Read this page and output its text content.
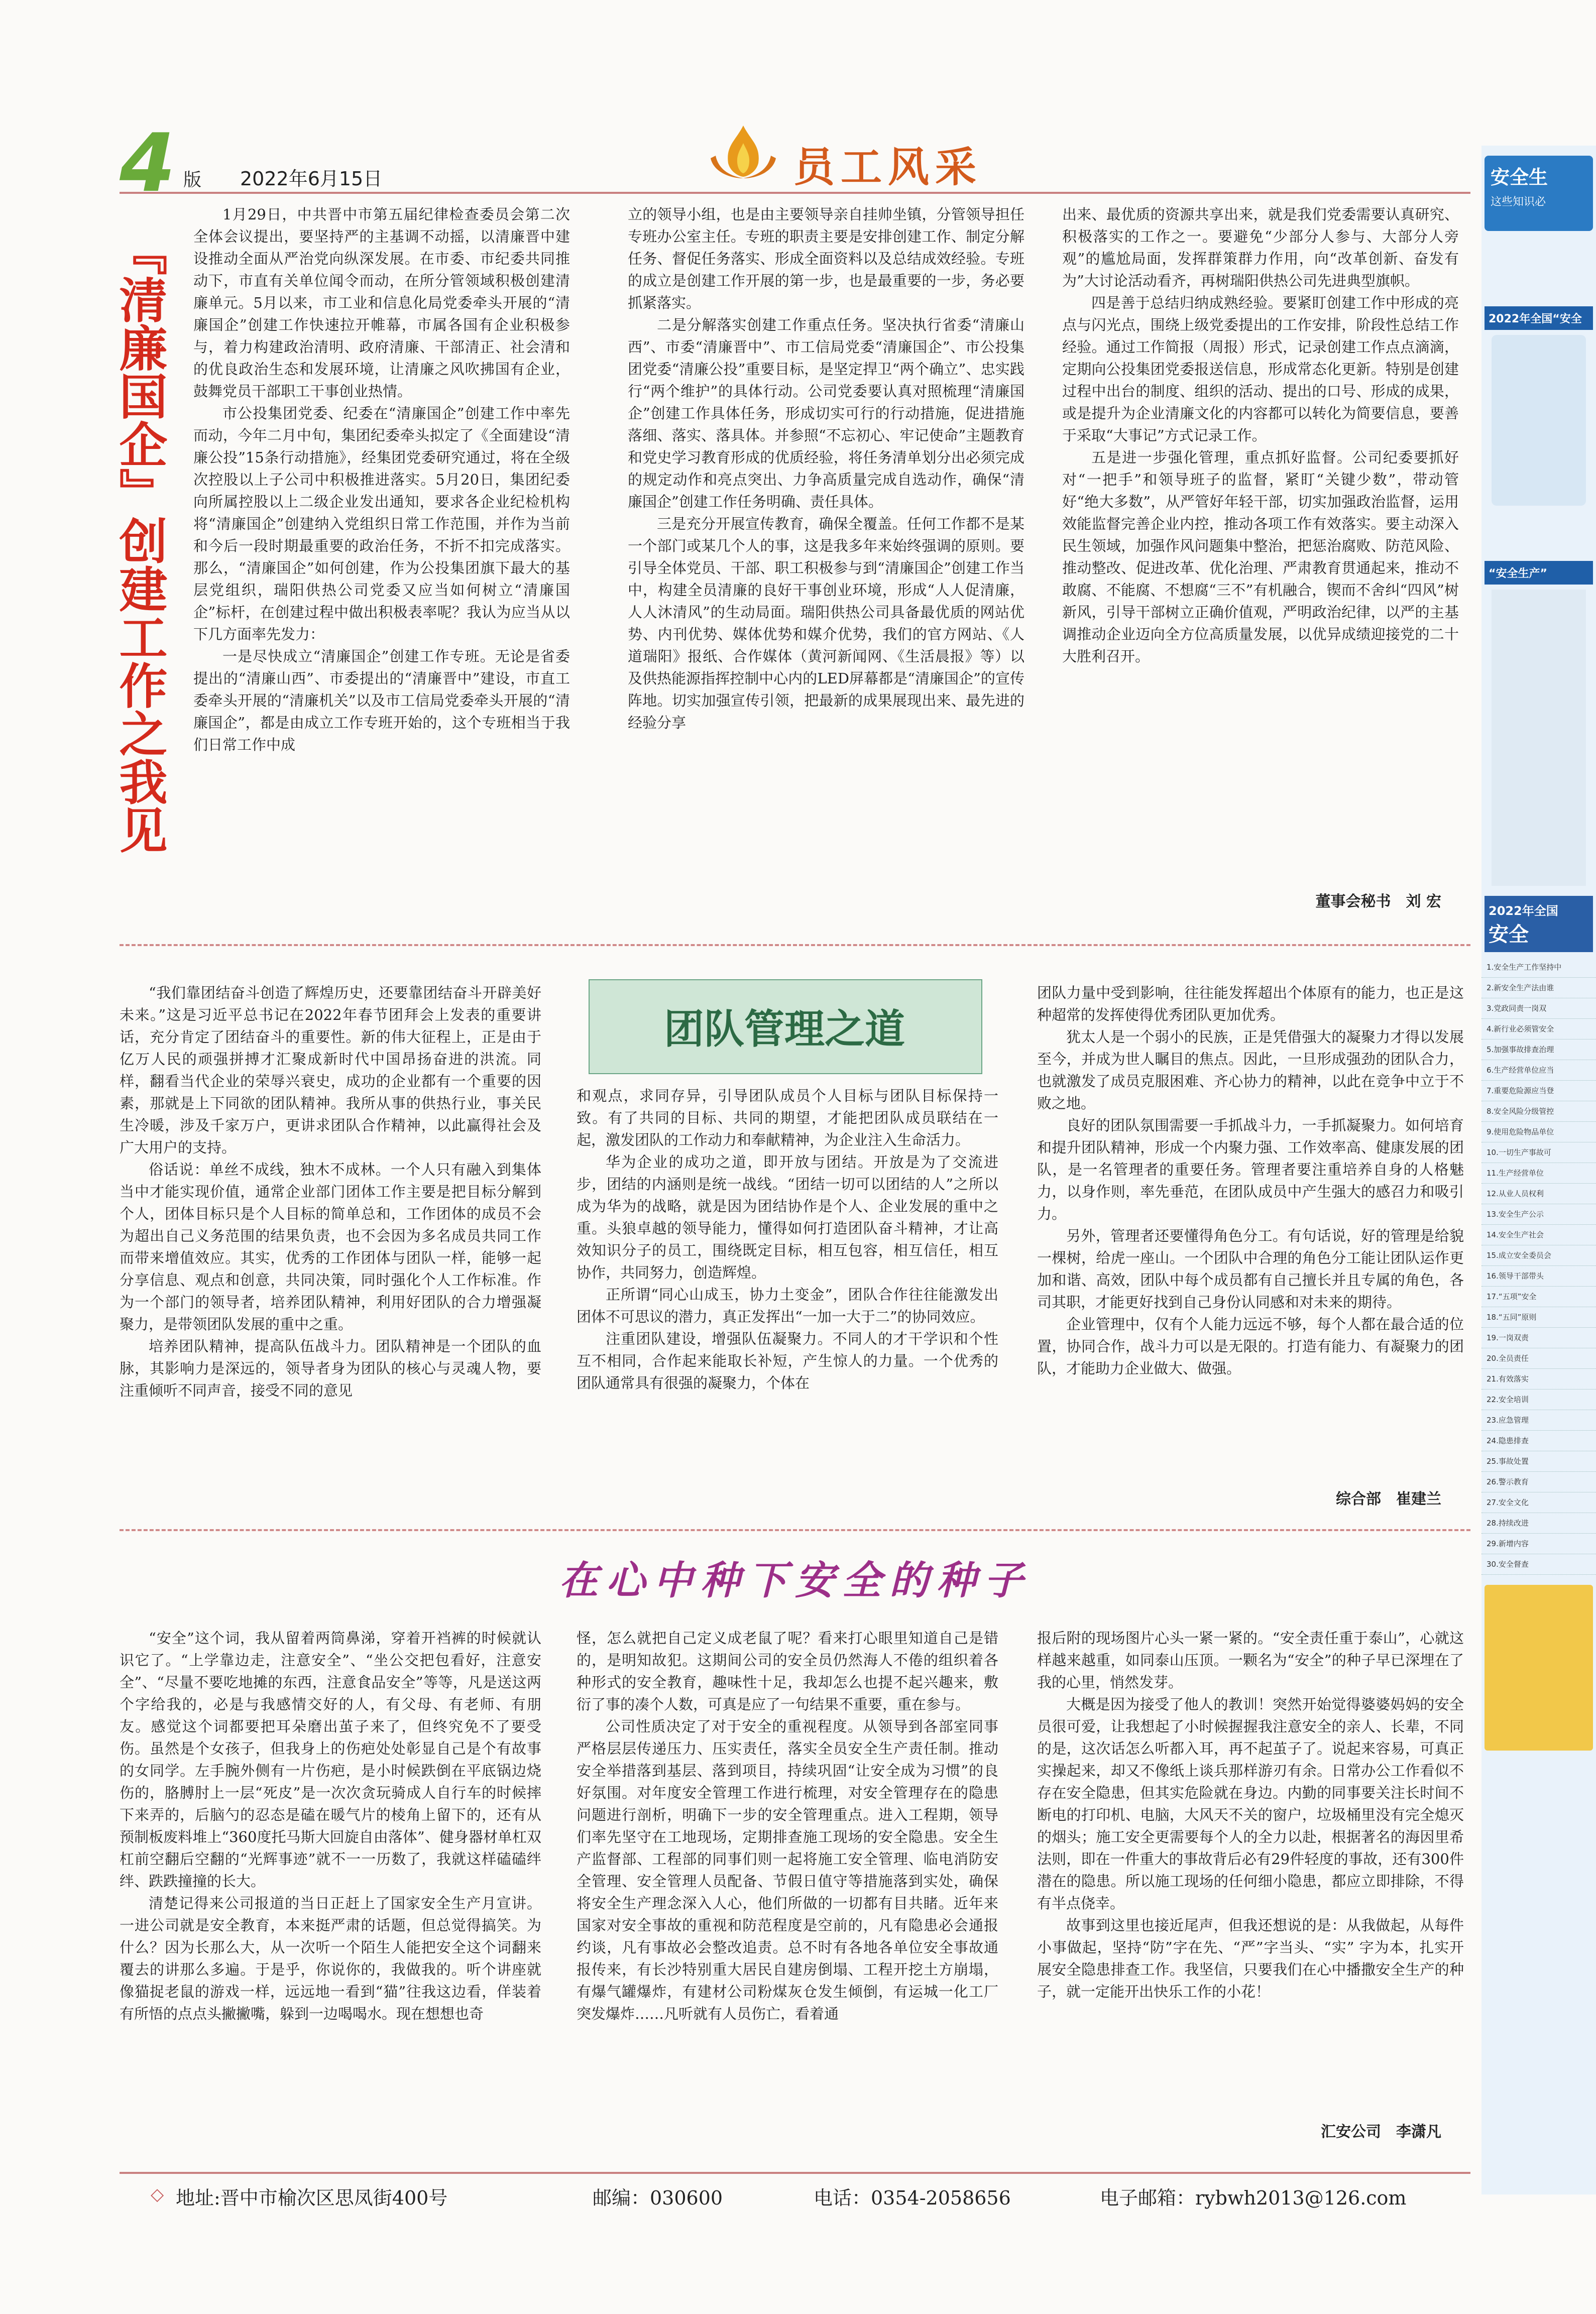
4 版 2022年6月15日	员工风采
『清廉国企』创建工作之我见

1月29日，中共晋中市第五届纪律检查委员会第二次全体会议提出，要坚持严的主基调不动摇，以清廉晋中建设推动全面从严治党向纵深发展。在市委、市纪委共同推动下，市直有关单位闻令而动，在所分管领域积极创建清廉单元。5月以来，市工业和信息化局党委牵头开展的“清廉国企”创建工作快速拉开帷幕，市属各国有企业积极参与，着力构建政治清明、政府清廉、干部清正、社会清和的优良政治生态和发展环境，让清廉之风吹拂国有企业，鼓舞党员干部职工干事创业热情。

市公投集团党委、纪委在“清廉国企”创建工作中率先而动，今年二月中旬，集团纪委牵头拟定了《全面建设“清廉公投”15条行动措施》，经集团党委研究通过，将在全级次控股以上子公司中积极推进落实。5月20日，集团纪委向所属控股以上二级企业发出通知，要求各企业纪检机构将“清廉国企”创建纳入党组织日常工作范围，并作为当前和今后一段时期最重要的政治任务，不折不扣完成落实。那么，“清廉国企”如何创建，作为公投集团旗下最大的基层党组织，瑞阳供热公司党委又应当如何树立“清廉国企”标杆，在创建过程中做出积极表率呢？我认为应当从以下几方面率先发力：

一是尽快成立“清廉国企”创建工作专班。无论是省委提出的“清廉山西”、市委提出的“清廉晋中”建设，市直工委牵头开展的“清廉机关”以及市工信局党委牵头开展的“清廉国企”，都是由成立工作专班开始的，这个专班相当于我们日常工作中成

立的领导小组，也是由主要领导亲自挂帅坐镇，分管领导担任专班办公室主任。专班的职责主要是安排创建工作、制定分解任务、督促任务落实、形成全面资料以及总结成效经验。专班的成立是创建工作开展的第一步，也是最重要的一步，务必要抓紧落实。

二是分解落实创建工作重点任务。坚决执行省委“清廉山西”、市委“清廉晋中”、市工信局党委“清廉国企”、市公投集团党委“清廉公投”重要目标，是坚定捍卫“两个确立”、忠实践行“两个维护”的具体行动。公司党委要认真对照梳理“清廉国企”创建工作具体任务，形成切实可行的行动措施，促进措施落细、落实、落具体。并参照“不忘初心、牢记使命”主题教育和党史学习教育形成的优质经验，将任务清单划分出必须完成的规定动作和亮点突出、力争高质量完成自选动作，确保“清廉国企”创建工作任务明确、责任具体。

三是充分开展宣传教育，确保全覆盖。任何工作都不是某一个部门或某几个人的事，这是我多年来始终强调的原则。要引导全体党员、干部、职工积极参与到“清廉国企”创建工作当中，构建全员清廉的良好干事创业环境，形成“人人促清廉，人人沐清风”的生动局面。瑞阳供热公司具备最优质的网站优势、内刊优势、媒体优势和媒介优势，我们的官方网站、《人道瑞阳》报纸、合作媒体（黄河新闻网、《生活晨报》等）以及供热能源指挥控制中心内的LED屏幕都是“清廉国企”的宣传阵地。切实加强宣传引领，把最新的成果展现出来、最先进的经验分享

出来、最优质的资源共享出来，就是我们党委需要认真研究、积极落实的工作之一。要避免“少部分人参与、大部分人旁观”的尴尬局面，发挥群策群力作用，向“改革创新、奋发有为”大讨论活动看齐，再树瑞阳供热公司先进典型旗帜。

四是善于总结归纳成熟经验。要紧盯创建工作中形成的亮点与闪光点，围绕上级党委提出的工作安排，阶段性总结工作经验。通过工作简报（周报）形式，记录创建工作点点滴滴，定期向公投集团党委报送信息，形成常态化更新。特别是创建过程中出台的制度、组织的活动、提出的口号、形成的成果，或是提升为企业清廉文化的内容都可以转化为简要信息，要善于采取“大事记”方式记录工作。

五是进一步强化管理，重点抓好监督。公司纪委要抓好对“一把手”和领导班子的监督，紧盯“关键少数”，带动管好“绝大多数”，从严管好年轻干部，切实加强政治监督，运用效能监督完善企业内控，推动各项工作有效落实。要主动深入民生领域，加强作风问题集中整治，把惩治腐败、防范风险、推动整改、促进改革、优化治理、严肃教育贯通起来，推动不敢腐、不能腐、不想腐“三不”有机融合，锲而不舍纠“四风”树新风，引导干部树立正确价值观，严明政治纪律，以严的主基调推动企业迈向全方位高质量发展，以优异成绩迎接党的二十大胜利召开。

董事会秘书　刘 宏
团队管理之道

“我们靠团结奋斗创造了辉煌历史，还要靠团结奋斗开辟美好未来。”这是习近平总书记在2022年春节团拜会上发表的重要讲话，充分肯定了团结奋斗的重要性。新的伟大征程上，正是由于亿万人民的顽强拼搏才汇聚成新时代中国昂扬奋进的洪流。同样，翻看当代企业的荣辱兴衰史，成功的企业都有一个重要的因素，那就是上下同欲的团队精神。我所从事的供热行业，事关民生冷暖，涉及千家万户，更讲求团队合作精神，以此赢得社会及广大用户的支持。

俗话说：单丝不成线，独木不成林。一个人只有融入到集体当中才能实现价值，通常企业部门团体工作主要是把目标分解到个人，团体目标只是个人目标的简单总和，工作团体的成员不会为超出自己义务范围的结果负责，也不会因为多名成员共同工作而带来增值效应。其实，优秀的工作团体与团队一样，能够一起分享信息、观点和创意，共同决策，同时强化个人工作标准。作为一个部门的领导者，培养团队精神，利用好团队的合力增强凝聚力，是带领团队发展的重中之重。

培养团队精神，提高队伍战斗力。团队精神是一个团队的血脉，其影响力是深远的，领导者身为团队的核心与灵魂人物，要注重倾听不同声音，接受不同的意见

和观点，求同存异，引导团队成员个人目标与团队目标保持一致。有了共同的目标、共同的期望，才能把团队成员联结在一起，激发团队的工作动力和奉献精神，为企业注入生命活力。

华为企业的成功之道，即开放与团结。开放是为了交流进步，团结的内涵则是统一战线。“团结一切可以团结的人”之所以成为华为的战略，就是因为团结协作是个人、企业发展的重中之重。头狼卓越的领导能力，懂得如何打造团队奋斗精神，才让高效知识分子的员工，围绕既定目标，相互包容，相互信任，相互协作，共同努力，创造辉煌。

正所谓“同心山成玉，协力土变金”，团队合作往往能激发出团体不可思议的潜力，真正发挥出“一加一大于二”的协同效应。

注重团队建设，增强队伍凝聚力。不同人的才干学识和个性互不相同，合作起来能取长补短，产生惊人的力量。一个优秀的团队通常具有很强的凝聚力，个体在

团队力量中受到影响，往往能发挥超出个体原有的能力，也正是这种超常的发挥使得优秀团队更加优秀。

犹太人是一个弱小的民族，正是凭借强大的凝聚力才得以发展至今，并成为世人瞩目的焦点。因此，一旦形成强劲的团队合力，也就激发了成员克服困难、齐心协力的精神，以此在竞争中立于不败之地。

良好的团队氛围需要一手抓战斗力，一手抓凝聚力。如何培育和提升团队精神，形成一个内聚力强、工作效率高、健康发展的团队，是一名管理者的重要任务。管理者要注重培养自身的人格魅力，以身作则，率先垂范，在团队成员中产生强大的感召力和吸引力。

另外，管理者还要懂得角色分工。有句话说，好的管理是给貌一棵树，给虎一座山。一个团队中合理的角色分工能让团队运作更加和谐、高效，团队中每个成员都有自己擅长并且专属的角色，各司其职，才能更好找到自己身份认同感和对未来的期待。

企业管理中，仅有个人能力远远不够，每个人都在最合适的位置，协同合作，战斗力可以是无限的。打造有能力、有凝聚力的团队，才能助力企业做大、做强。

综合部　崔建兰
在心中种下安全的种子

“安全”这个词，我从留着两筒鼻涕，穿着开裆裤的时候就认识它了。“上学靠边走，注意安全”、“坐公交把包看好，注意安全”、“尽量不要吃地摊的东西，注意食品安全”等等，凡是送这两个字给我的，必是与我感情交好的人，有父母、有老师、有朋友。感觉这个词都要把耳朵磨出茧子来了，但终究免不了要受伤。虽然是个女孩子，但我身上的伤疤处处彰显自己是个有故事的女同学。左手腕外侧有一片伤疤，是小时候跌倒在平底锅边烧伤的，胳膊肘上一层“死皮”是一次次贪玩骑成人自行车的时候摔下来弄的，后脑勺的忍态是磕在暖气片的棱角上留下的，还有从预制板废料堆上“360度托马斯大回旋自由落体”、健身器材单杠双杠前空翻后空翻的“光辉事迹”就不一一历数了，我就这样磕磕绊绊、跌跌撞撞的长大。

清楚记得来公司报道的当日正赶上了国家安全生产月宣讲。一进公司就是安全教育，本来挺严肃的话题，但总觉得搞笑。为什么？因为长那么大，从一次听一个陌生人能把安全这个词翻来覆去的讲那么多遍。于是乎，你说你的，我做我的。听个讲座就像猫捉老鼠的游戏一样，远远地一看到“猫”往我这边看，佯装着有所悟的点点头撇撇嘴，躲到一边喝喝水。现在想想也奇

怪，怎么就把自己定义成老鼠了呢？看来打心眼里知道自己是错的，是明知故犯。这期间公司的安全员仍然海人不倦的组织着各种形式的安全教育，趣味性十足，我却怎么也提不起兴趣来，敷衍了事的凑个人数，可真是应了一句结果不重要，重在参与。

公司性质决定了对于安全的重视程度。从领导到各部室同事严格层层传递压力、压实责任，落实全员安全生产责任制。推动安全举措落到基层、落到项目，持续巩固“让安全成为习惯”的良好氛围。对年度安全管理工作进行梳理，对安全管理存在的隐患问题进行剖析，明确下一步的安全管理重点。进入工程期，领导们率先坚守在工地现场，定期排查施工现场的安全隐患。安全生产监督部、工程部的同事们则一起将施工安全管理、临电消防安全管理、安全管理人员配备、节假日值守等措施落到实处，确保将安全生产理念深入人心，他们所做的一切都有目共睹。近年来国家对安全事故的重视和防范程度是空前的，凡有隐患必会通报约谈，凡有事故必会整改追责。总不时有各地各单位安全事故通报传来，有长沙特别重大居民自建房倒塌、工程开挖土方崩塌，有爆气罐爆炸，有建材公司粉煤灰仓发生倾倒，有运城一化工厂突发爆炸……凡听就有人员伤亡，看着通

报后附的现场图片心头一紧一紧的。“安全责任重于泰山”，心就这样越来越重，如同泰山压顶。一颗名为“安全”的种子早已深埋在了我的心里，悄然发芽。

大概是因为接受了他人的教训！突然开始觉得婆婆妈妈的安全员很可爱，让我想起了小时候握握我注意安全的亲人、长辈，不同的是，这次话怎么听都入耳，再不起茧子了。说起来容易，可真正实操起来，却又不像纸上谈兵那样游刃有余。日常办公工作看似不存在安全隐患，但其实危险就在身边。内勤的同事要关注长时间不断电的打印机、电脑，大风天不关的窗户，垃圾桶里没有完全熄灭的烟头；施工安全更需要每个人的全力以赴，根据著名的海因里希法则，即在一件重大的事故背后必有29件轻度的事故，还有300件潜在的隐患。所以施工现场的任何细小隐患，都应立即排除，不得有半点侥幸。

故事到这里也接近尾声，但我还想说的是：从我做起，从每件小事做起，坚持“防”字在先、“严”字当头、“实” 字为本，扎实开展安全隐患排查工作。我坚信，只要我们在心中播撒安全生产的种子，就一定能开出快乐工作的小花！

汇安公司　李潇凡
◇ 地址:晋中市榆次区思凤街400号	邮编：030600	电话：0354-2058656	电子邮箱：rybwh2013@126.com
安全生
这些知识必
2022年全国“安全
“安全生产”
2022年全国
安全
1.安全生产工作坚持中
2.新安全生产法由谁
3.党政同责一岗双
4.新行业必须管安全
5.加强事故排查治理
6.生产经营单位应当
7.重要危险源应当登
8.安全风险分级管控
9.使用危险物品单位
10.一切生产事故可
11.生产经营单位
12.从业人员权利
13.安全生产公示
14.安全生产社会
15.成立安全委员会
16.领导干部带头
17.“五项”安全
18.“五同”原则
19.一岗双责
20.全员责任
21.有效落实
22.安全培训
23.应急管理
24.隐患排查
25.事故处置
26.警示教育
27.安全文化
28.持续改进
29.新增内容
30.安全督查
